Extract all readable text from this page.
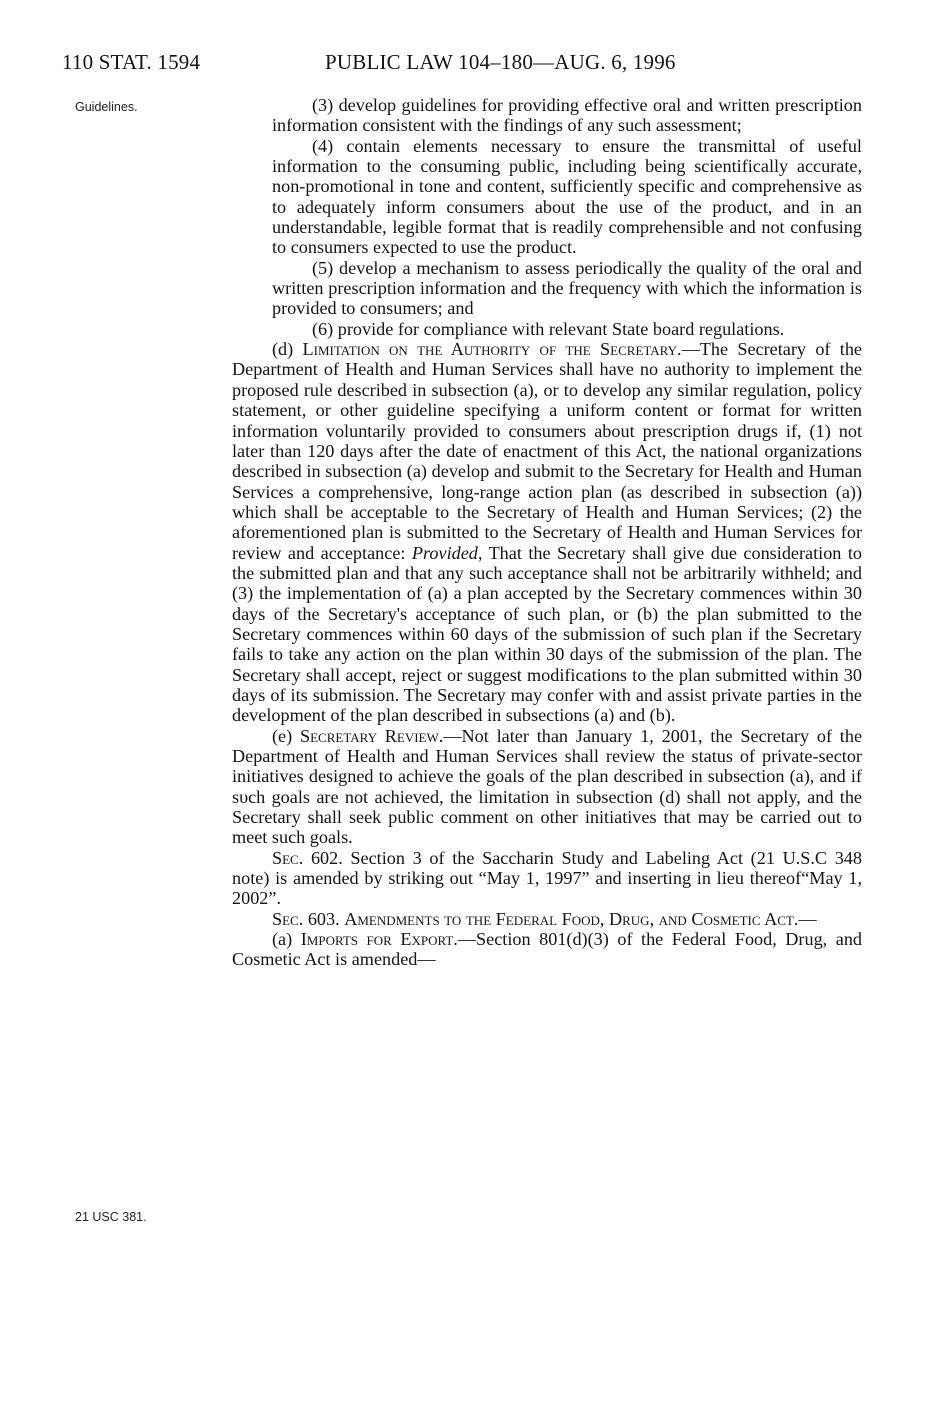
110 STAT. 1594	PUBLIC LAW 104–180—AUG. 6, 1996
Guidelines.
21 USC 381.

(3) develop guidelines for providing effective oral and written prescription information consistent with the findings of any such assessment;

(4) contain elements necessary to ensure the transmittal of useful information to the consuming public, including being scientifically accurate, non-promotional in tone and content, sufficiently specific and comprehensive as to adequately inform consumers about the use of the product, and in an understandable, legible format that is readily comprehensible and not confusing to consumers expected to use the product.

(5) develop a mechanism to assess periodically the quality of the oral and written prescription information and the frequency with which the information is provided to consumers; and

(6) provide for compliance with relevant State board regulations.

(d) Limitation on the Authority of the Secretary.—The Secretary of the Department of Health and Human Services shall have no authority to implement the proposed rule described in subsection (a), or to develop any similar regulation, policy statement, or other guideline specifying a uniform content or format for written information voluntarily provided to consumers about prescription drugs if, (1) not later than 120 days after the date of enactment of this Act, the national organizations described in subsection (a) develop and submit to the Secretary for Health and Human Services a comprehensive, long-range action plan (as described in subsection (a)) which shall be acceptable to the Secretary of Health and Human Services; (2) the aforementioned plan is submitted to the Secretary of Health and Human Services for review and acceptance: Provided, That the Secretary shall give due consideration to the submitted plan and that any such acceptance shall not be arbitrarily withheld; and (3) the implementation of (a) a plan accepted by the Secretary commences within 30 days of the Secretary's acceptance of such plan, or (b) the plan submitted to the Secretary commences within 60 days of the submission of such plan if the Secretary fails to take any action on the plan within 30 days of the submission of the plan. The Secretary shall accept, reject or suggest modifications to the plan submitted within 30 days of its submission. The Secretary may confer with and assist private parties in the development of the plan described in subsections (a) and (b).

(e) Secretary Review.—Not later than January 1, 2001, the Secretary of the Department of Health and Human Services shall review the status of private-sector initiatives designed to achieve the goals of the plan described in subsection (a), and if sυch goals are not achieved, the limitation in subsection (d) shall not apply, and the Secretary shall seek public comment on other initiatives that may be carried out to meet such goals.

Sec. 602. Section 3 of the Saccharin Study and Labeling Act (21 U.S.C 348 note) is amended by striking out “May 1, 1997” and inserting in lieu thereof“May 1, 2002”.

Sec. 603. Amendments to the Federal Food, Drug, and Cosmetic Act.—

(a) Imports for Export.—Section 801(d)(3) of the Federal Food, Drug, and Cosmetic Act is amended—
